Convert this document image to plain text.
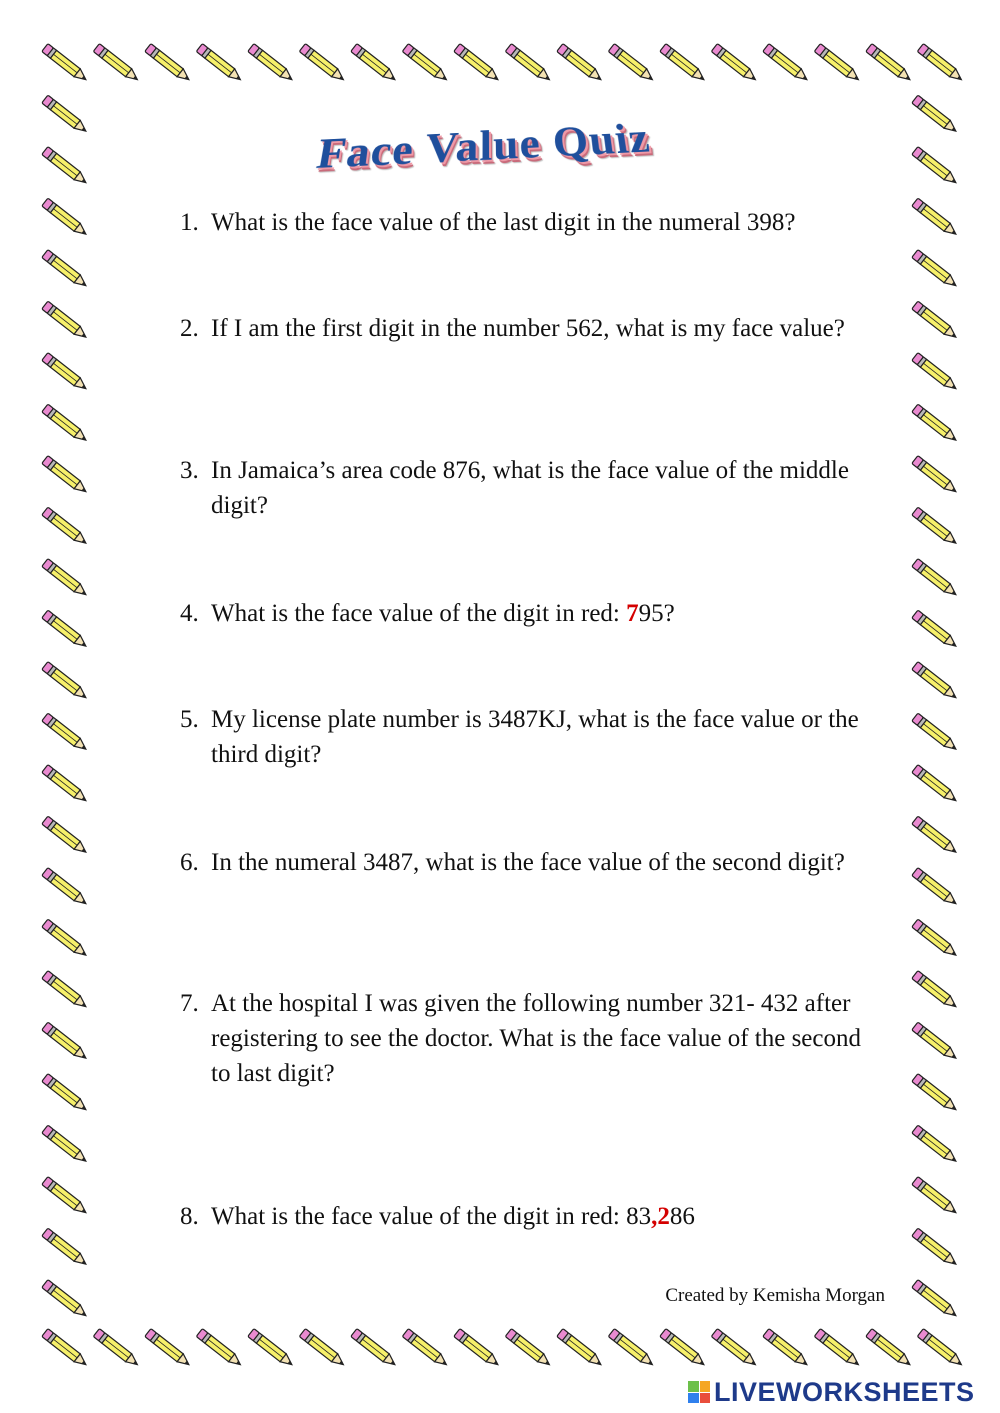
Face Value Quiz
1. What is the face value of the last digit in the numeral 398?
2. If I am the first digit in the number 562, what is my face value?
3. In Jamaica’s area code 876, what is the face value of the middle digit?
4. What is the face value of the digit in red: 795?
5. My license plate number is 3487KJ, what is the face value or the third digit?
6. In the numeral 3487, what is the face value of the second digit?
7. At the hospital I was given the following number 321- 432 after registering to see the doctor. What is the face value of the second to last digit?
8. What is the face value of the digit in red: 83,286
Created by Kemisha Morgan
LIVEWORKSHEETS
